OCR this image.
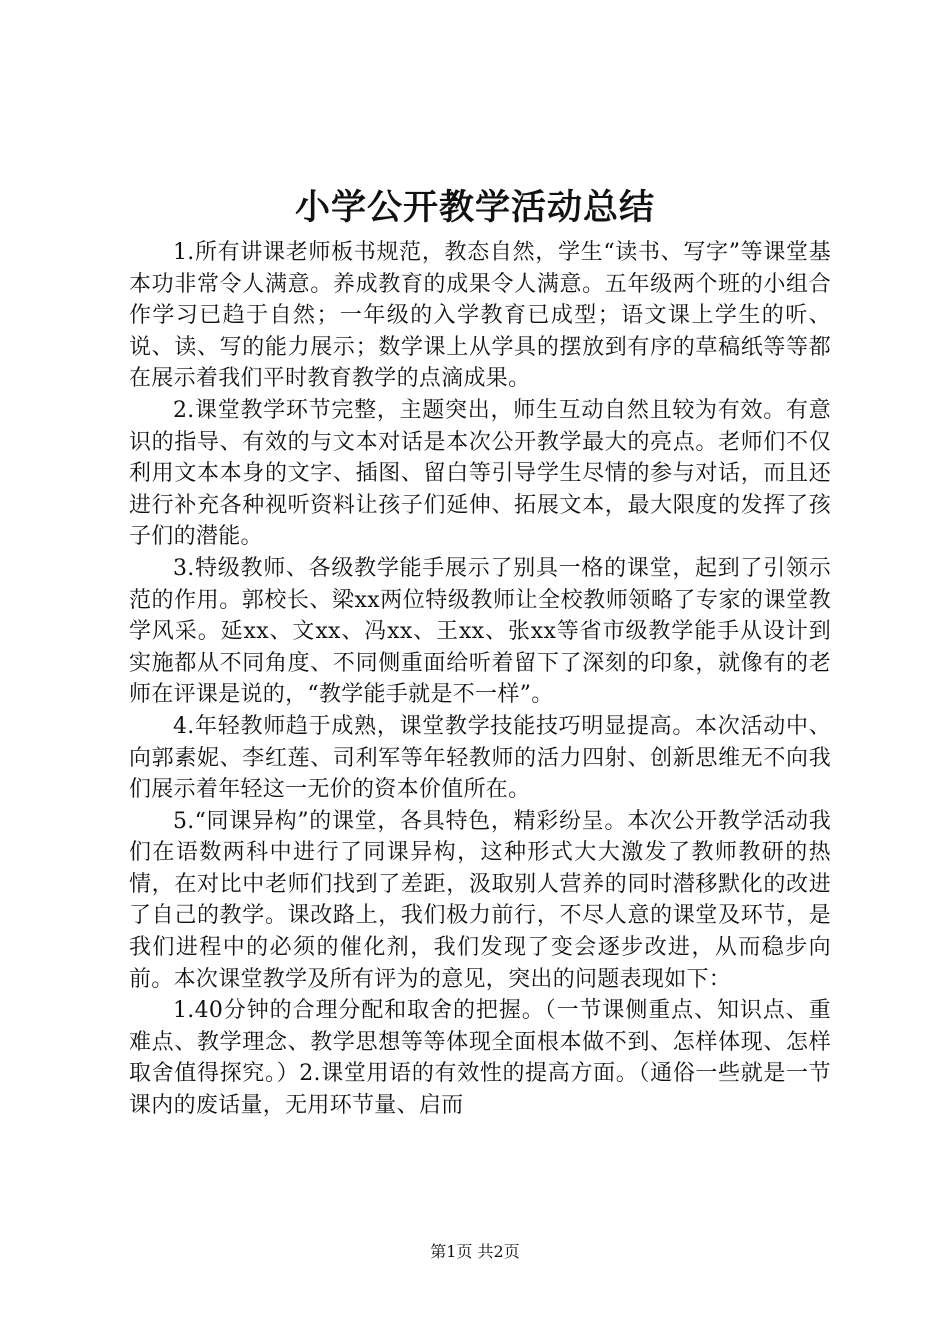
小学公开教学活动总结

1.所有讲课老师板书规范，教态自然，学生“读书、写字”等课堂基本功非常令人满意。养成教育的成果令人满意。五年级两个班的小组合作学习已趋于自然；一年级的入学教育已成型；语文课上学生的听、说、读、写的能力展示；数学课上从学具的摆放到有序的草稿纸等等都在展示着我们平时教育教学的点滴成果。

2.课堂教学环节完整，主题突出，师生互动自然且较为有效。有意识的指导、有效的与文本对话是本次公开教学最大的亮点。老师们不仅利用文本本身的文字、插图、留白等引导学生尽情的参与对话，而且还进行补充各种视听资料让孩子们延伸、拓展文本，最大限度的发挥了孩子们的潜能。

3.特级教师、各级教学能手展示了别具一格的课堂，起到了引领示范的作用。郭校长、梁xx两位特级教师让全校教师领略了专家的课堂教学风采。延xx、文xx、冯xx、王xx、张xx等省市级教学能手从设计到实施都从不同角度、不同侧重面给听着留下了深刻的印象，就像有的老师在评课是说的，“教学能手就是不一样”。

4.年轻教师趋于成熟，课堂教学技能技巧明显提高。本次活动中、向郭素妮、李红莲、司利军等年轻教师的活力四射、创新思维无不向我们展示着年轻这一无价的资本价值所在。

5.“同课异构”的课堂，各具特色，精彩纷呈。本次公开教学活动我们在语数两科中进行了同课异构，这种形式大大激发了教师教研的热情，在对比中老师们找到了差距，汲取别人营养的同时潜移默化的改进了自己的教学。课改路上，我们极力前行，不尽人意的课堂及环节，是我们进程中的必须的催化剂，我们发现了变会逐步改进，从而稳步向前。本次课堂教学及所有评为的意见，突出的问题表现如下：

1.40分钟的合理分配和取舍的把握。（一节课侧重点、知识点、重难点、教学理念、教学思想等等体现全面根本做不到、怎样体现、怎样取舍值得探究。）2.课堂用语的有效性的提高方面。（通俗一些就是一节课内的废话量，无用环节量、启而

第1页 共2页
